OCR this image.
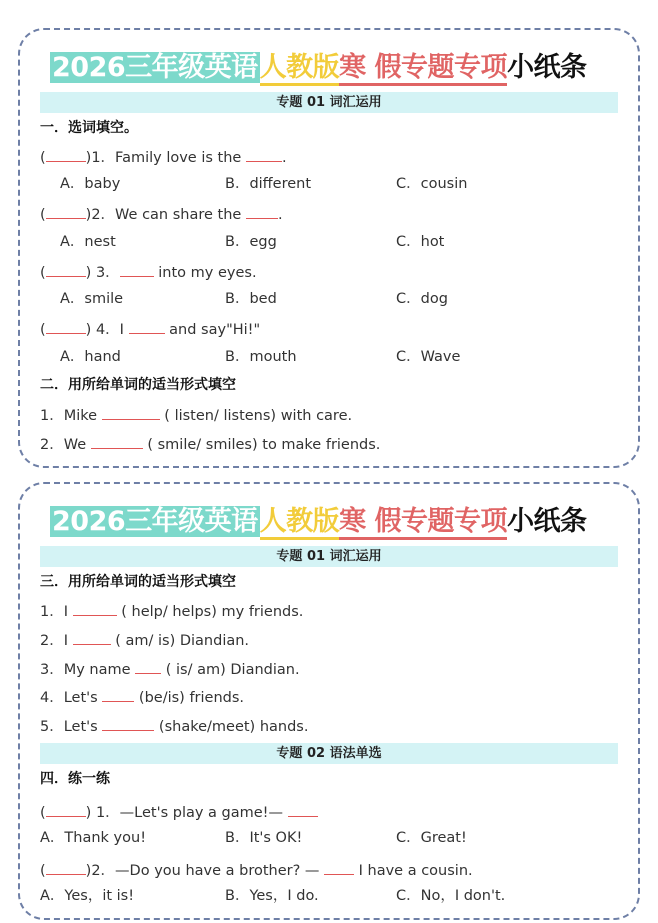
2026三年级英语人教版寒 假专题专项小纸条
专题 01 词汇运用
一．选词填空。
(	)1．Family love is the .
A．baby	B．different	C．cousin
(	)2．We can share the .
A．nest	B．egg	C．hot
(	) 3． into my eyes.
A．smile	B．bed	C．dog
(	) 4．I  and say"Hi!"
A．hand	B．mouth	C．Wave
二．用所给单词的适当形式填空
1．Mike	( listen/ listens) with care.
2．We	( smile/ smiles) to make friends.
2026三年级英语人教版寒 假专题专项小纸条
专题 01 词汇运用
三．用所给单词的适当形式填空
1．I	( help/ helps) my friends.
2．I	( am/ is) Diandian.
3．My name  ( is/ am) Diandian.
4．Let's  (be/is) friends.
5．Let's	(shake/meet) hands.
专题 02 语法单选
四．练一练
(	) 1．—Let's play a game!—
A．Thank you!	B．It's OK!	C．Great!
(	)2．—Do you have a brother? —  I have a cousin.
A．Yes，it is!	B．Yes，I do.	C．No，I don't.
